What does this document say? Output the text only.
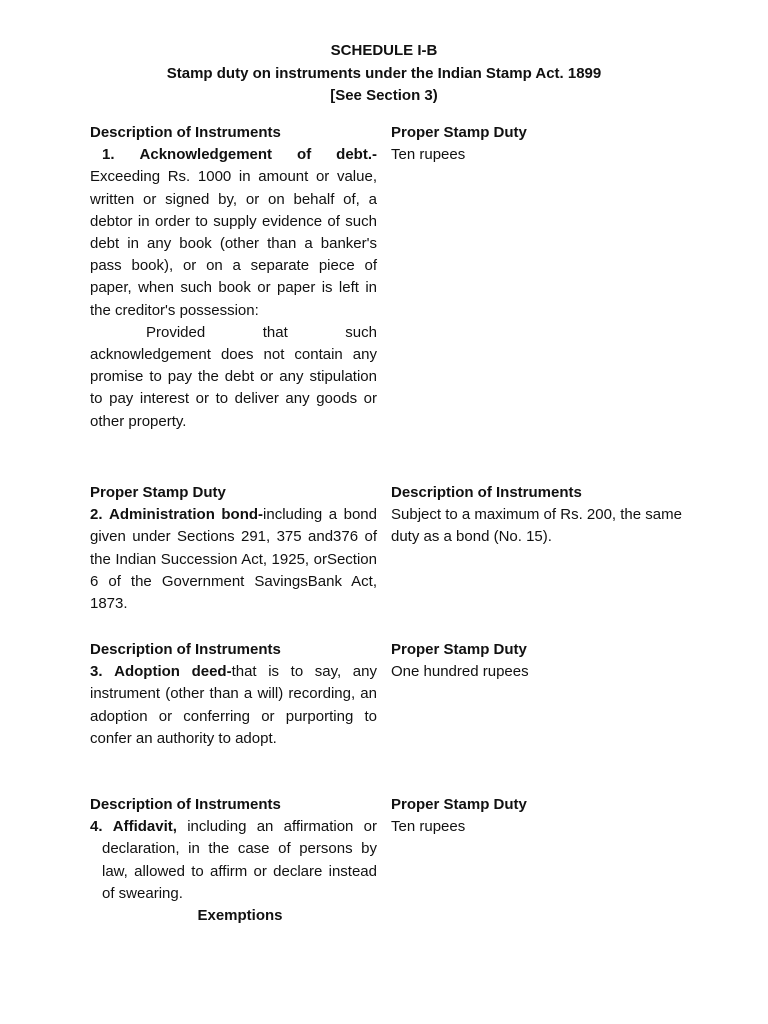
SCHEDULE I-B
Stamp duty on instruments under the Indian Stamp Act. 1899
[See Section 3)
Description of Instruments
1. Acknowledgement of debt.-
Exceeding Rs. 1000 in amount or value, written or signed by, or on behalf of, a debtor in order to supply evidence of such debt in any book (other than a banker's pass book), or on a separate piece of paper, when such book or paper is left in the creditor's possession:
Provided that such acknowledgement does not contain any promise to pay the debt or any stipulation to pay interest or to deliver any goods or other property.
Proper Stamp Duty
Ten rupees
Proper Stamp Duty
2. Administration bond-including a bond given under Sections 291, 375 and376 of the Indian Succession Act, 1925, orSection 6 of the Government SavingsBank Act, 1873.
Description of Instruments
Subject to a maximum of Rs. 200, the same duty as a bond (No. 15).
Description of Instruments
3. Adoption deed-that is to say, any instrument (other than a will) recording, an adoption or conferring or purporting to confer an authority to adopt.
Proper Stamp Duty
One hundred rupees
Description of Instruments
4. Affidavit, including an affirmation or declaration, in the case of persons by law, allowed to affirm or declare instead of swearing.
Exemptions
Proper Stamp Duty
Ten rupees
